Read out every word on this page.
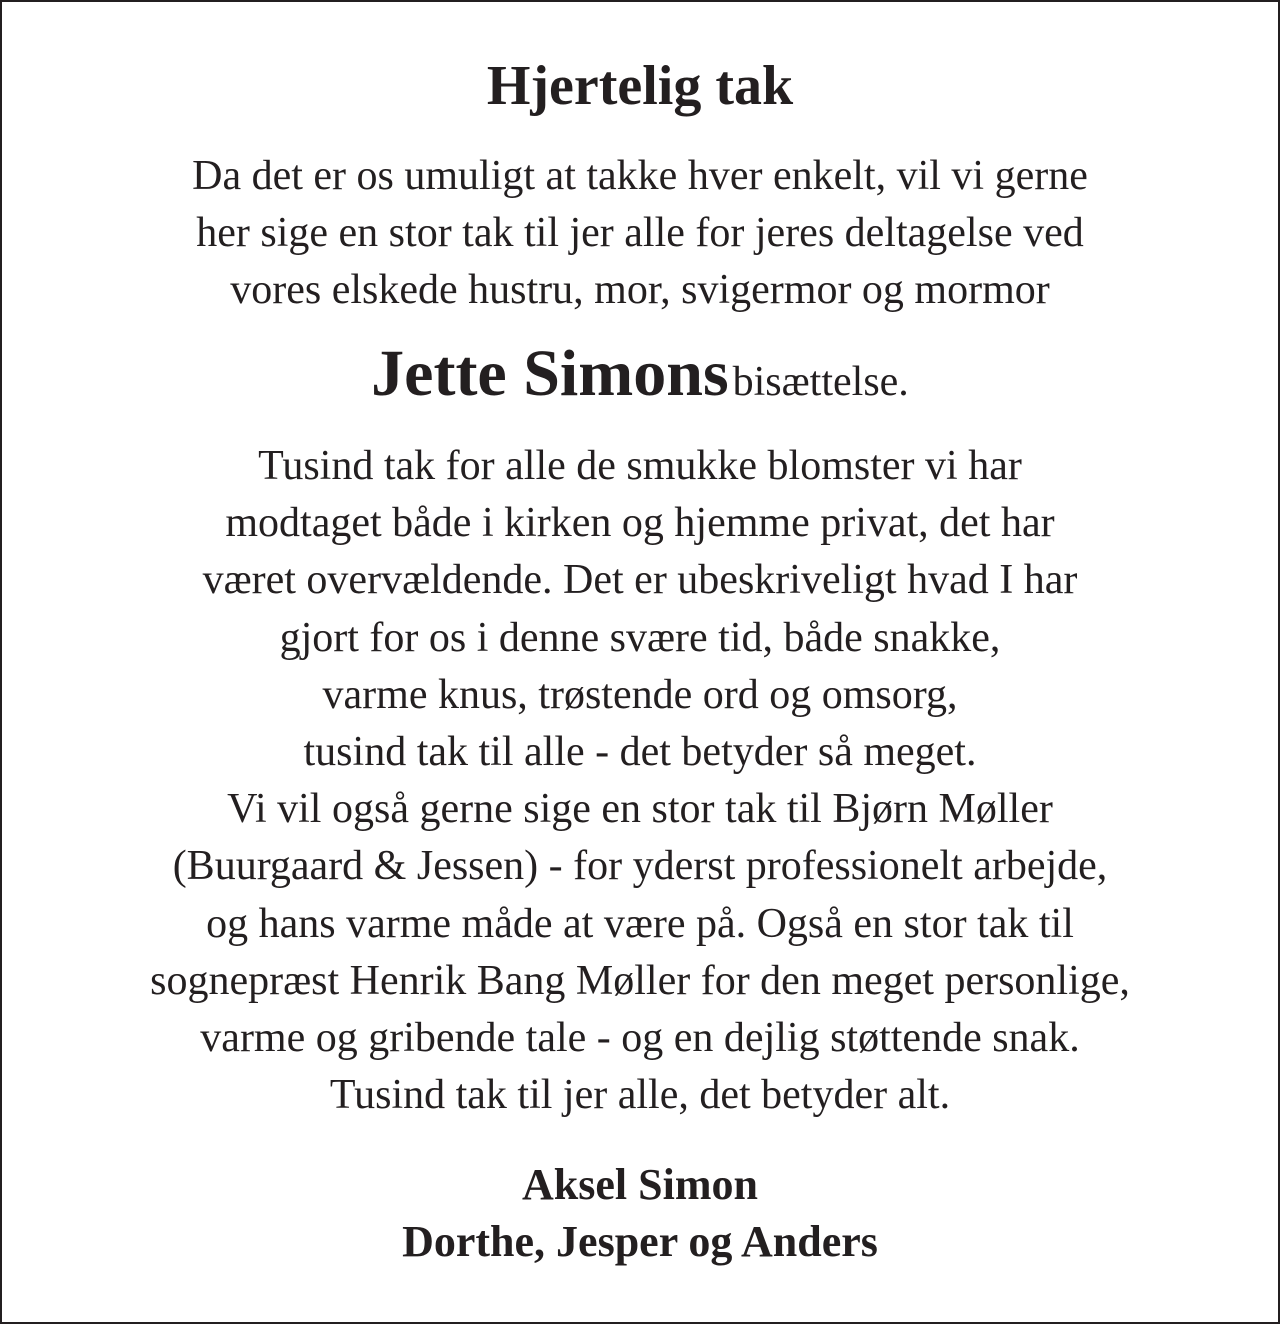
Hjertelig tak
Da det er os umuligt at takke hver enkelt, vil vi gerne
her sige en stor tak til jer alle for jeres deltagelse ved
vores elskede hustru, mor, svigermor og mormor
Jette Simons bisættelse.
Tusind tak for alle de smukke blomster vi har
modtaget både i kirken og hjemme privat, det har
været overvældende. Det er ubeskriveligt hvad I har
gjort for os i denne svære tid, både snakke,
varme knus, trøstende ord og omsorg,
tusind tak til alle - det betyder så meget.
Vi vil også gerne sige en stor tak til Bjørn Møller
(Buurgaard & Jessen) - for yderst professionelt arbejde,
og hans varme måde at være på. Også en stor tak til
sognepræst Henrik Bang Møller for den meget personlige,
varme og gribende tale - og en dejlig støttende snak.
Tusind tak til jer alle, det betyder alt.
Aksel Simon
Dorthe, Jesper og Anders
